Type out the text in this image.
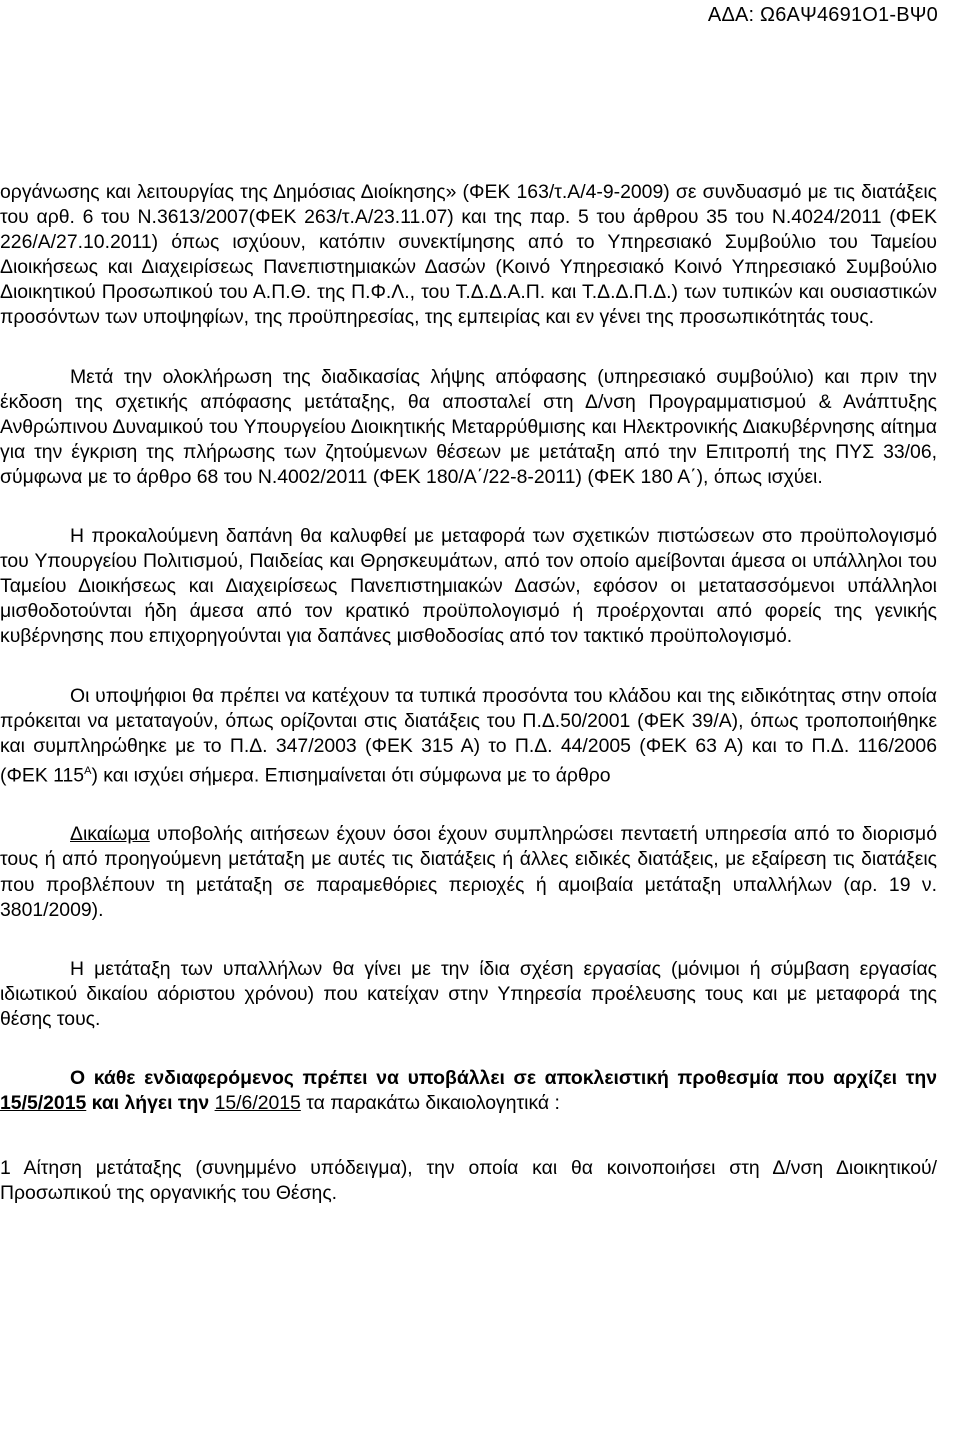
ΑΔΑ: Ω6ΑΨ4691Ο1-ΒΨ0

οργάνωσης και λειτουργίας της Δημόσιας Διοίκησης» (ΦΕΚ 163/τ.Α/4-9-2009) σε συνδυασμό με τις διατάξεις του αρθ. 6 του Ν.3613/2007(ΦΕΚ 263/τ.Α/23.11.07) και της παρ. 5 του άρθρου 35 του Ν.4024/2011 (ΦΕΚ 226/Α/27.10.2011) όπως ισχύουν, κατόπιν συνεκτίμησης από το Υπηρεσιακό Συμβούλιο του Ταμείου Διοικήσεως και Διαχειρίσεως Πανεπιστημιακών Δασών (Κοινό Υπηρεσιακό Κοινό Υπηρεσιακό Συμβούλιο Διοικητικού Προσωπικού του Α.Π.Θ. της Π.Φ.Λ., του Τ.Δ.Δ.Α.Π. και Τ.Δ.Δ.Π.Δ.) των τυπικών και ουσιαστικών προσόντων των υποψηφίων, της προϋπηρεσίας, της εμπειρίας και εν γένει της προσωπικότητάς τους.

Μετά την ολοκλήρωση της διαδικασίας λήψης απόφασης (υπηρεσιακό συμβούλιο) και πριν την έκδοση της σχετικής απόφασης μετάταξης, θα αποσταλεί στη Δ/νση Προγραμματισμού & Ανάπτυξης Ανθρώπινου Δυναμικού του Υπουργείου Διοικητικής Μεταρρύθμισης και Ηλεκτρονικής Διακυβέρνησης αίτημα για την έγκριση της πλήρωσης των ζητούμενων θέσεων με μετάταξη από την Επιτροπή της ΠΥΣ 33/06, σύμφωνα με το άρθρο 68 του Ν.4002/2011 (ΦΕΚ 180/Α΄/22-8-2011) (ΦΕΚ 180 Α΄), όπως ισχύει.

Η προκαλούμενη δαπάνη θα καλυφθεί με μεταφορά των σχετικών πιστώσεων στο προϋπολογισμό του Υπουργείου Πολιτισμού, Παιδείας και Θρησκευμάτων, από τον οποίο αμείβονται άμεσα οι υπάλληλοι του Ταμείου Διοικήσεως και Διαχειρίσεως Πανεπιστημιακών Δασών, εφόσον οι μετατασσόμενοι υπάλληλοι μισθοδοτούνται ήδη άμεσα από τον κρατικό προϋπολογισμό ή προέρχονται από φορείς της γενικής κυβέρνησης που επιχορηγούνται για δαπάνες μισθοδοσίας από τον τακτικό προϋπολογισμό.

Οι υποψήφιοι θα πρέπει να κατέχουν τα τυπικά προσόντα του κλάδου και της ειδικότητας στην οποία πρόκειται να μεταταγούν, όπως ορίζονται στις διατάξεις του Π.Δ.50/2001 (ΦΕΚ 39/Α), όπως τροποποιήθηκε και συμπληρώθηκε με το Π.Δ. 347/2003 (ΦΕΚ 315 Α) το Π.Δ. 44/2005 (ΦΕΚ 63 Α) και το Π.Δ. 116/2006 (ΦΕΚ $115^A$) και ισχύει σήμερα. Επισημαίνεται ότι σύμφωνα με το άρθρο

Δικαίωμα υποβολής αιτήσεων έχουν όσοι έχουν συμπληρώσει πενταετή υπηρεσία από το διορισμό τους ή από προηγούμενη μετάταξη με αυτές τις διατάξεις ή άλλες ειδικές διατάξεις, με εξαίρεση τις διατάξεις που προβλέπουν τη μετάταξη σε παραμεθόριες περιοχές ή αμοιβαία μετάταξη υπαλλήλων (αρ. 19 ν. 3801/2009).

Η μετάταξη των υπαλλήλων θα γίνει με την ίδια σχέση εργασίας (μόνιμοι ή σύμβαση εργασίας ιδιωτικού δικαίου αόριστου χρόνου) που κατείχαν στην Υπηρεσία προέλευσης τους και με μεταφορά της θέσης τους.

Ο κάθε ενδιαφερόμενος πρέπει να υποβάλλει σε αποκλειστική προθεσμία που αρχίζει την 15/5/2015 και λήγει την 15/6/2015 τα παρακάτω δικαιολογητικά :

1 Αίτηση μετάταξης (συνημμένο υπόδειγμα), την οποία και θα κοινοποιήσει στη Δ/νση Διοικητικού/Προσωπικού της οργανικής του Θέσης.
